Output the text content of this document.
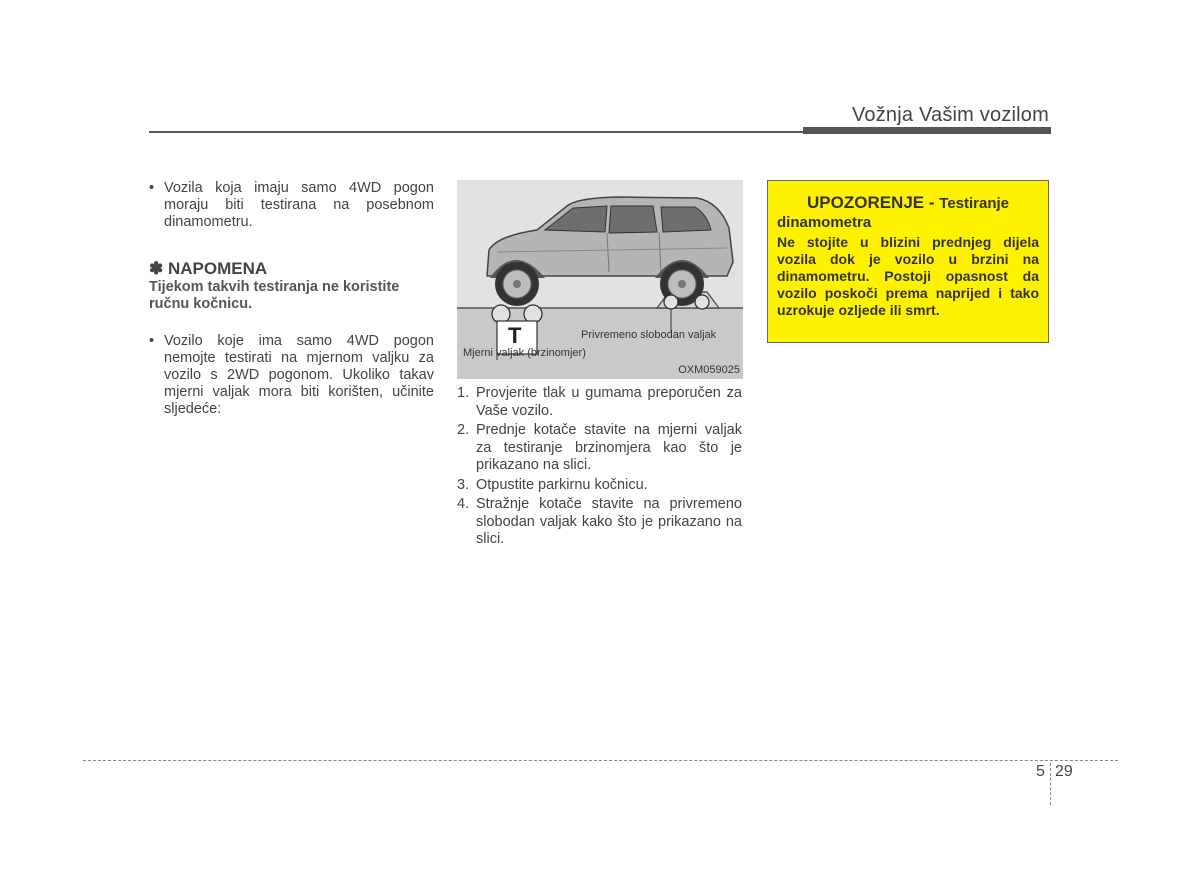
Vožnja Vašim vozilom
• Vozila koja imaju samo 4WD pogon moraju biti testirana na posebnom dinamometru.
✽ NAPOMENA
Tijekom takvih testiranja ne koristite ručnu kočnicu.
• Vozilo koje ima samo 4WD pogon nemojte testirati na mjernom valjku za vozilo s 2WD pogonom. Ukoliko takav mjerni valjak mora biti korišten, učinite sljedeće:
Privremeno slobodan valjak
Mjerni valjak (brzinomjer)
T
OXM059025
1. Provjerite tlak u gumama preporučen za Vaše vozilo.
2. Prednje kotače stavite na mjerni valjak za testiranje brzinomjera kao što je prikazano na slici.
3. Otpustite parkirnu kočnicu.
4. Stražnje kotače stavite na privremeno slobodan valjak kako što je prikazano na slici.
UPOZORENJE - Testiranje
dinamometra
Ne stojite u blizini prednjeg dijela vozila dok je vozilo u brzini na dinamometru. Postoji opasnost da vozilo poskoči prema naprijed i tako uzrokuje ozljede ili smrt.
5 29
